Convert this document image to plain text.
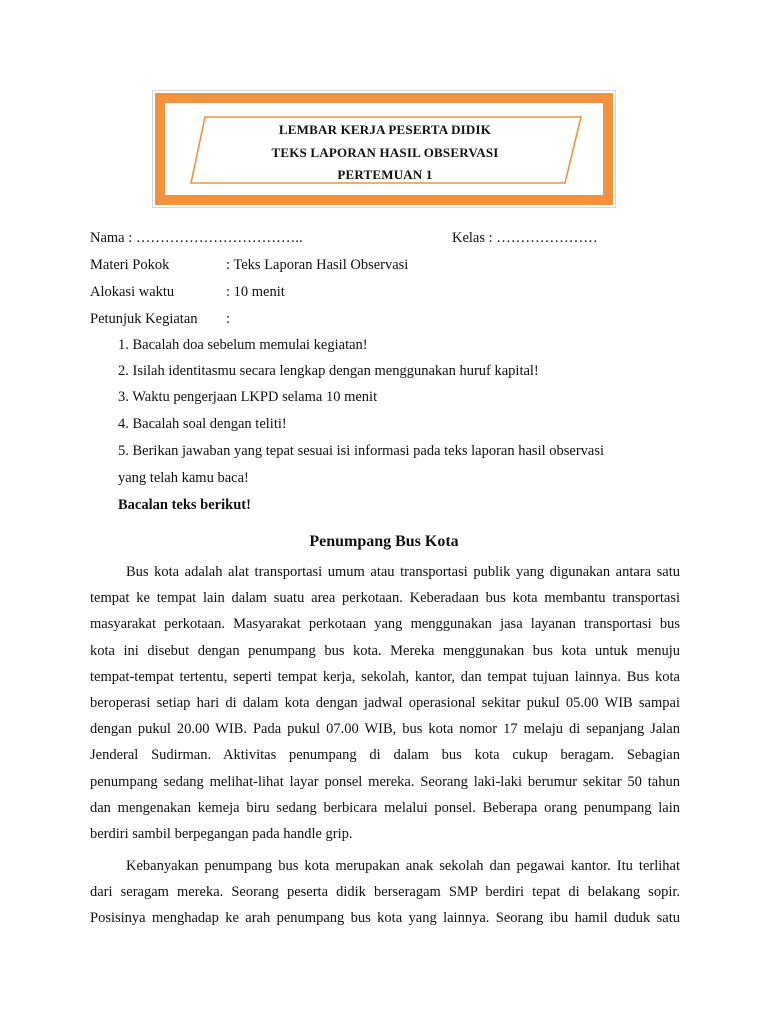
LEMBAR KERJA PESERTA DIDIK
TEKS LAPORAN HASIL OBSERVASI
PERTEMUAN 1
Nama : ……………………………..	Kelas : …………………
Materi Pokok	: Teks Laporan Hasil Observasi
Alokasi waktu	: 10 menit
Petunjuk Kegiatan :
1. Bacalah doa sebelum memulai kegiatan!
2. Isilah identitasmu secara lengkap dengan menggunakan huruf kapital!
3. Waktu pengerjaan LKPD selama 10 menit
4. Bacalah soal dengan teliti!
5. Berikan jawaban yang tepat sesuai isi informasi pada teks laporan hasil observasi
yang telah kamu baca!
Bacalan teks berikut!
Penumpang Bus Kota
Bus kota adalah alat transportasi umum atau transportasi publik yang digunakan antara satu
tempat ke tempat lain dalam suatu area perkotaan. Keberadaan bus kota membantu transportasi
masyarakat perkotaan. Masyarakat perkotaan yang menggunakan jasa layanan transportasi bus
kota ini disebut dengan penumpang bus kota. Mereka menggunakan bus kota untuk menuju
tempat-tempat tertentu, seperti tempat kerja, sekolah, kantor, dan tempat tujuan lainnya. Bus kota
beroperasi setiap hari di dalam kota dengan jadwal operasional sekitar pukul 05.00 WIB sampai
dengan pukul 20.00 WIB. Pada pukul 07.00 WIB, bus kota nomor 17 melaju di sepanjang Jalan
Jenderal Sudirman. Aktivitas penumpang di dalam bus kota cukup beragam. Sebagian
penumpang sedang melihat-lihat layar ponsel mereka. Seorang laki-laki berumur sekitar 50 tahun
dan mengenakan kemeja biru sedang berbicara melalui ponsel. Beberapa orang penumpang lain
berdiri sambil berpegangan pada handle grip.
Kebanyakan penumpang bus kota merupakan anak sekolah dan pegawai kantor. Itu terlihat
dari seragam mereka. Seorang peserta didik berseragam SMP berdiri tepat di belakang sopir.
Posisinya menghadap ke arah penumpang bus kota yang lainnya. Seorang ibu hamil duduk satu
